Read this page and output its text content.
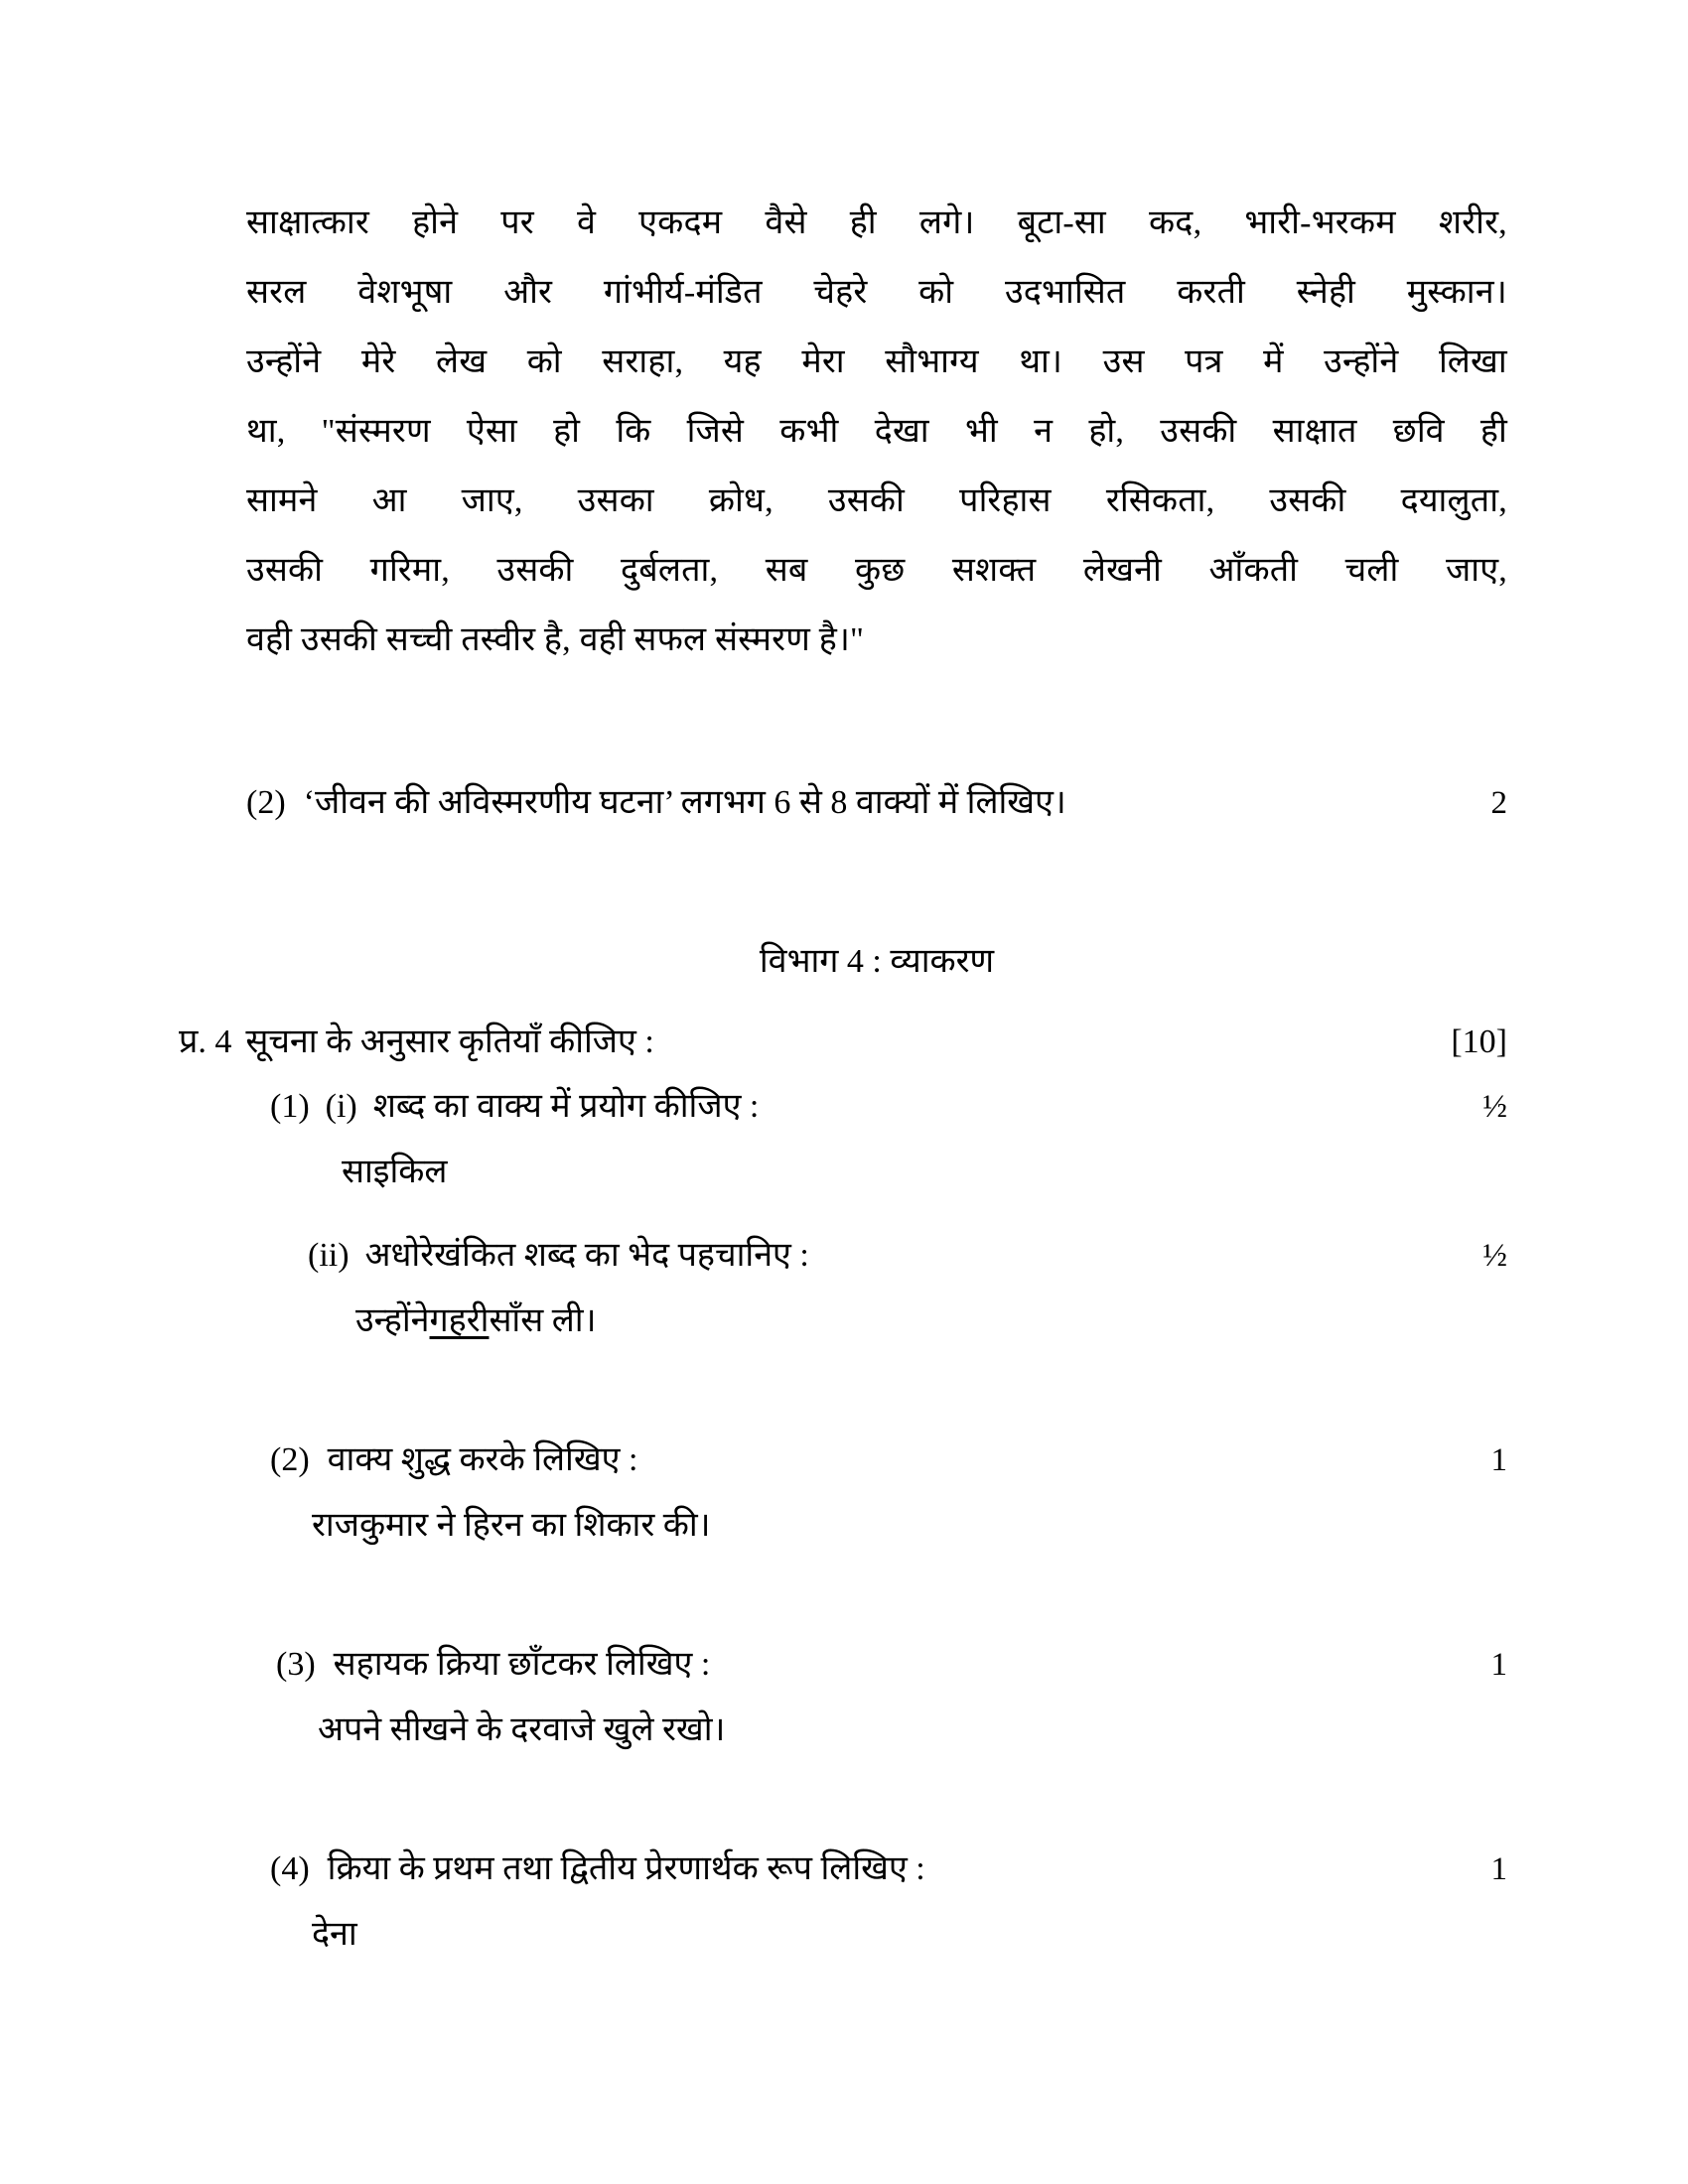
साक्षात्कार होने पर वे एकदम वैसे ही लगे। बूटा-सा कद, भारी-भरकम शरीर,
सरल वेशभूषा और गांभीर्य-मंडित चेहरे को उदभासित करती स्नेही मुस्कान।
उन्होंने मेरे लेख को सराहा, यह मेरा सौभाग्य था। उस पत्र में उन्होंने लिखा
था, "संस्मरण ऐसा हो कि जिसे कभी देखा भी न हो, उसकी साक्षात छवि ही
सामने आ जाए, उसका क्रोध, उसकी परिहास रसिकता, उसकी दयालुता,
उसकी गरिमा, उसकी दुर्बलता, सब कुछ सशक्त लेखनी आँकती चली जाए,
वही उसकी सच्ची तस्वीर है, वही सफल संस्मरण है।"
(2) ‘जीवन की अविस्मरणीय घटना’ लगभग 6 से 8 वाक्यों में लिखिए।	2
विभाग 4 : व्याकरण
प्र. 4 सूचना के अनुसार कृतियाँ कीजिए :	[10]
(1) (i) शब्द का वाक्य में प्रयोग कीजिए :	½
साइकिल
(ii) अधोरेखंकित शब्द का भेद पहचानिए :	½
उन्होंने गहरी साँस ली।
(2) वाक्य शुद्ध करके लिखिए :	1
राजकुमार ने हिरन का शिकार की।
(3) सहायक क्रिया छाँटकर लिखिए :	1
अपने सीखने के दरवाजे खुले रखो।
(4) क्रिया के प्रथम तथा द्वितीय प्रेरणार्थक रूप लिखिए :	1
देना
